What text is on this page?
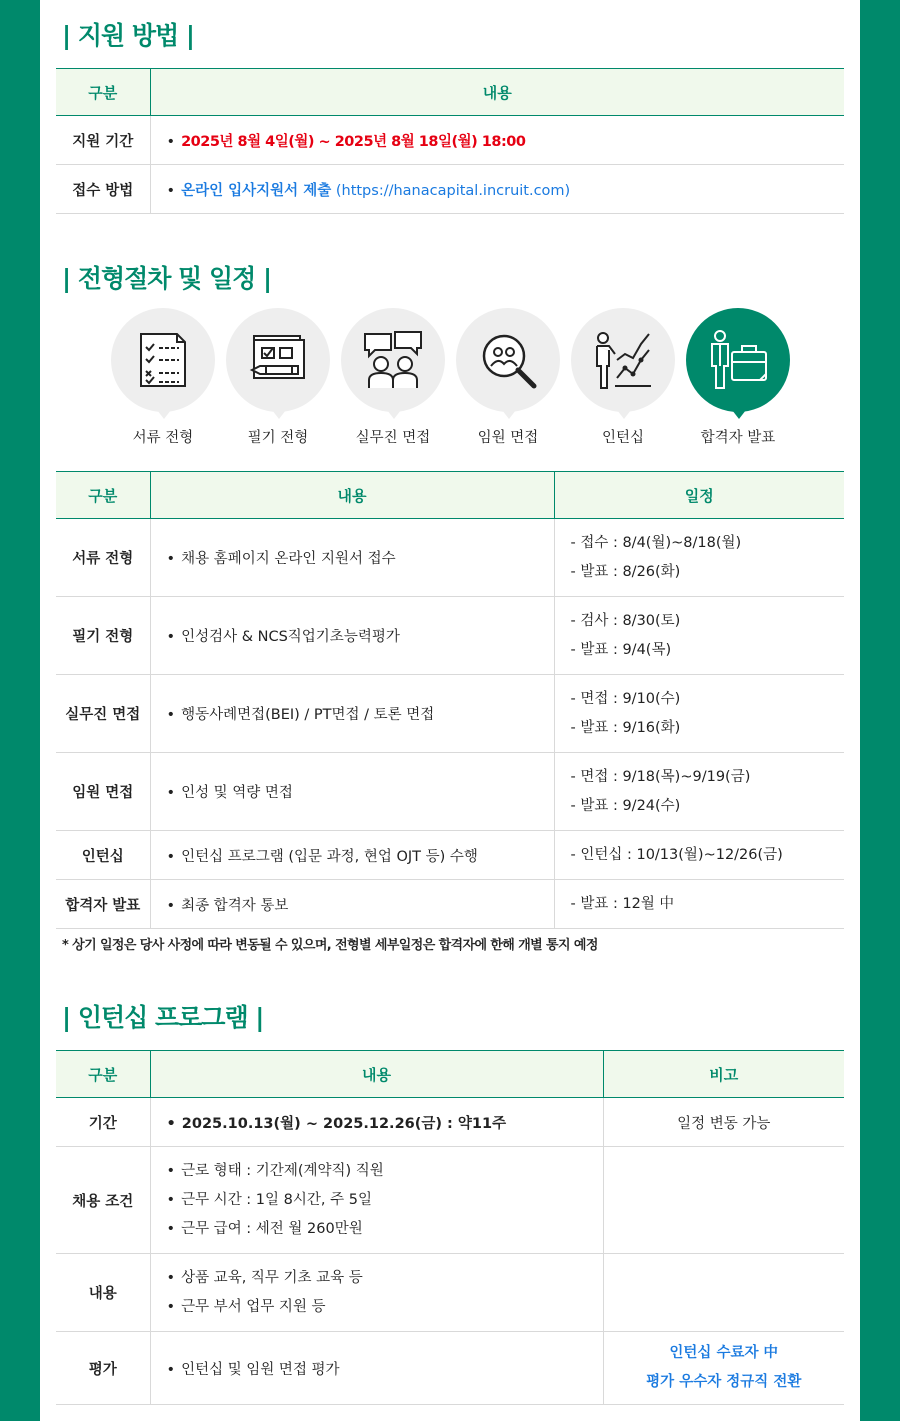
| 지원 방법 |
구분	내용
지원 기간	• 2025년 8월 4일(월) ~ 2025년 8월 18일(월) 18:00
접수 방법	• 온라인 입사지원서 제출 (https://hanacapital.incruit.com)
| 전형절차 및 일정 |
서류 전형	필기 전형	실무진 면접	임원 면접	인턴십	합격자 발표
구분	내용	일정
서류 전형	• 채용 홈페이지 온라인 지원서 접수	- 접수 : 8/4(월)~8/18(월)
- 발표 : 8/26(화)

필기 전형	• 인성검사 & NCS직업기초능력평가	- 검사 : 8/30(토)
- 발표 : 9/4(목)

실무진 면접	• 행동사례면접(BEI) / PT면접 / 토론 면접	- 면접 : 9/10(수)
- 발표 : 9/16(화)

임원 면접	• 인성 및 역량 면접	- 면접 : 9/18(목)~9/19(금)
- 발표 : 9/24(수)

인턴십	• 인턴십 프로그램 (입문 과정, 현업 OJT 등) 수행	- 인턴십 : 10/13(월)~12/26(금)

합격자 발표	• 최종 합격자 통보	- 발표 : 12월 中
* 상기 일정은 당사 사정에 따라 변동될 수 있으며, 전형별 세부일정은 합격자에 한해 개별 통지 예정
| 인턴십 프로그램 |
구분	내용	비고
기간	• 2025.10.13(월) ~ 2025.12.26(금) : 약11주	일정 변동 가능
채용 조건	• 근로 형태 : 기간제(계약직) 직원
• 근무 시간 : 1일 8시간, 주 5일
• 근무 급여 : 세전 월 260만원

내용	• 상품 교육, 직무 기초 교육 등
• 근무 부서 업무 지원 등

평가	• 인턴십 및 임원 면접 평가	인턴십 수료자 中
평가 우수자 정규직 전환
